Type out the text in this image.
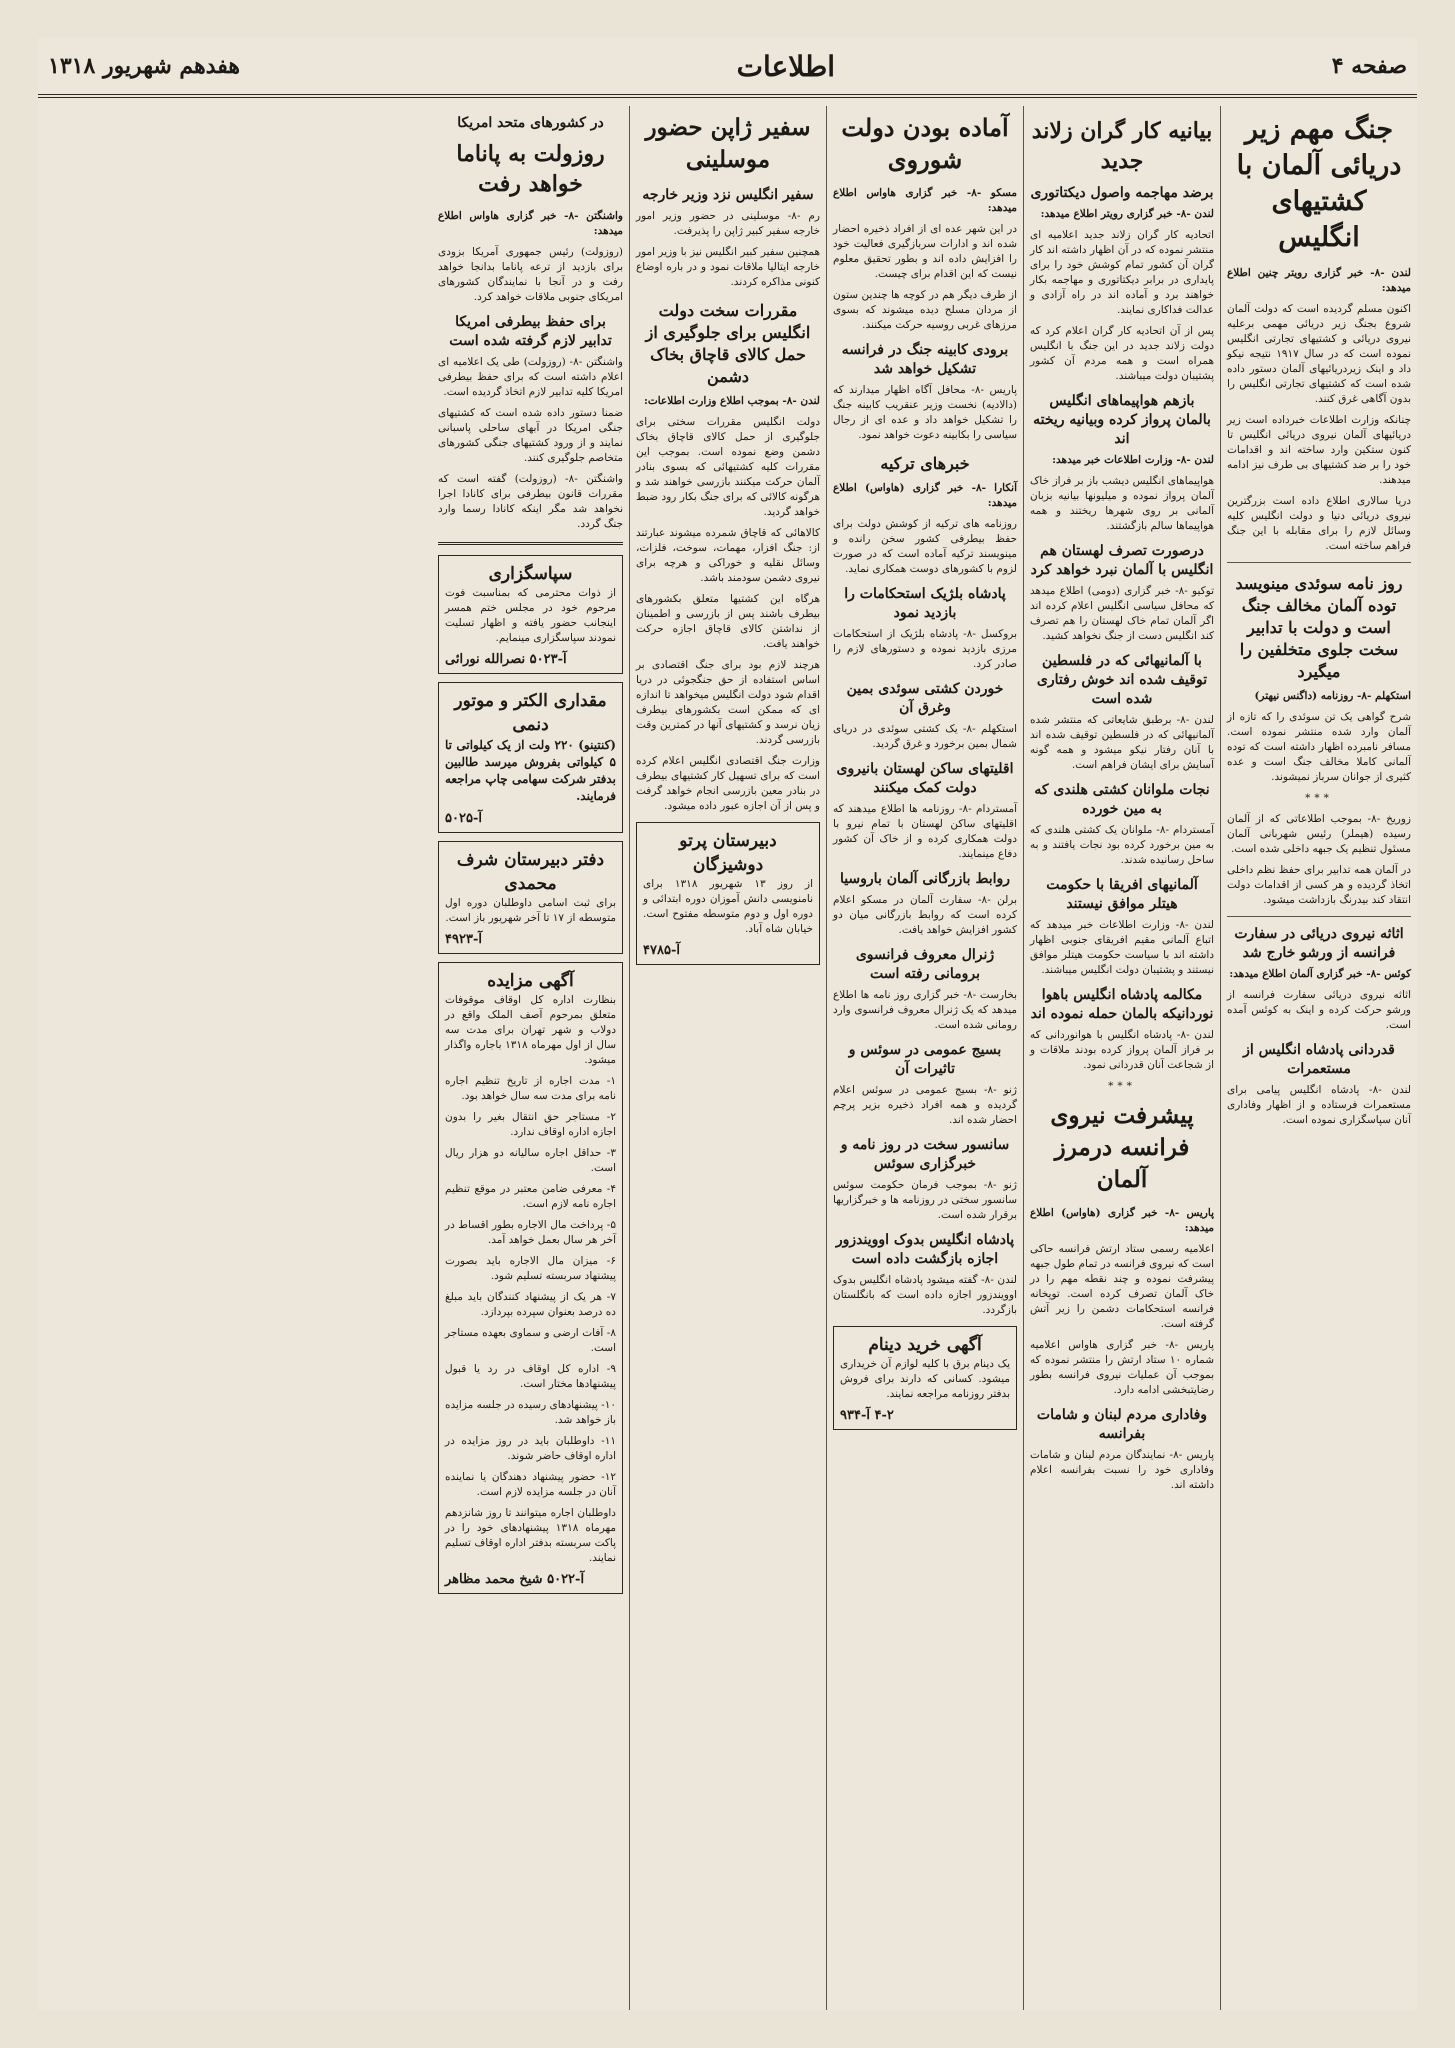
صفحه ۴
اطلاعات
هفدهم شهریور ۱۳۱۸
جنگ مهم زیر دریائی آلمان با کشتیهای انگلیس

لندن -۸- خبر گزاری رویتر چنین اطلاع میدهد:

اکنون مسلم گردیده است که دولت آلمان شروع بجنگ زیر دریائی مهمی برعلیه نیروی دریائی و کشتیهای تجارتی انگلیس نموده است که در سال ۱۹۱۷ نتیجه نیکو داد و اینک زیردریائیهای آلمان دستور داده شده است که کشتیهای تجارتی انگلیس را بدون آگاهی غرق کنند.

چنانکه وزارت اطلاعات خبرداده است زیر دریائیهای آلمان نیروی دریائی انگلیس تا کنون ستکین وارد ساخته اند و اقدامات خود را بر ضد کشتیهای بی طرف نیز ادامه میدهند.

دریا سالاری اطلاع داده است بزرگترین نیروی دریائی دنیا و دولت انگلیس کلیه وسائل لازم را برای مقابله با این جنگ فراهم ساخته است.

روز نامه سوئدی مینویسد توده آلمان مخالف جنگ است و دولت با تدابیر سخت جلوی متخلفین را میگیرد

استکهلم -۸- روزنامه (داگنس نیهتر)

شرح گواهی یک تن سوئدی را که تازه از آلمان وارد شده منتشر نموده است. مسافر نامبرده اظهار داشته است که توده آلمانی کاملا مخالف جنگ است و عده کثیری از جوانان سرباز نمیشوند.

***

زوریخ -۸- بموجب اطلاعاتی که از آلمان رسیده (هیملر) رئیس شهربانی آلمان مسئول تنظیم یک جبهه داخلی شده است.

در آلمان همه تدابیر برای حفظ نظم داخلی اتخاذ گردیده و هر کسی از اقدامات دولت انتقاد کند بیدرنگ بازداشت میشود.

اثاثه نیروی دریائی در سفارت فرانسه از ورشو خارج شد

کوئس -۸- خبر گزاری آلمان اطلاع میدهد:

اثاثه نیروی دریائی سفارت فرانسه از ورشو حرکت کرده و اینک به کوئس آمده است.

قدردانی پادشاه انگلیس از مستعمرات

لندن -۸- پادشاه انگلیس پیامی برای مستعمرات فرستاده و از اظهار وفاداری آنان سپاسگزاری نموده است.

بیانیه کار گران زلاند جدید
برضد مهاجمه واصول دیکتاتوری

لندن -۸- خبر گزاری رویتر اطلاع میدهد:

اتحادیه کار گران زلاند جدید اعلامیه ای منتشر نموده که در آن اظهار داشته اند کار گران آن کشور تمام کوشش خود را برای پایداری در برابر دیکتاتوری و مهاجمه بکار خواهند برد و آماده اند در راه آزادی و عدالت فداکاری نمایند.

پس از آن اتحادیه کار گران اعلام کرد که دولت زلاند جدید در این جنگ با انگلیس همراه است و همه مردم آن کشور پشتیبان دولت میباشند.

بازهم هواپیماهای انگلیس بالمان پرواز کرده وبیانیه ریخته اند

لندن -۸- وزارت اطلاعات خبر میدهد:

هواپیماهای انگلیس دیشب باز بر فراز خاک آلمان پرواز نموده و میلیونها بیانیه بزبان آلمانی بر روی شهرها ریختند و همه هواپیماها سالم بازگشتند.

درصورت تصرف لهستان هم انگلیس با آلمان نبرد خواهد کرد

توکیو -۸- خبر گزاری (دومی) اطلاع میدهد که محافل سیاسی انگلیس اعلام کرده اند اگر آلمان تمام خاک لهستان را هم تصرف کند انگلیس دست از جنگ نخواهد کشید.

با آلمانیهائی که در فلسطین توقیف شده اند خوش رفتاری شده است

لندن -۸- برطبق شایعاتی که منتشر شده آلمانیهائی که در فلسطین توقیف شده اند با آنان رفتار نیکو میشود و همه گونه آسایش برای ایشان فراهم است.

نجات ملوانان کشتی هلندی که به مین خورده

آمستردام -۸- ملوانان یک کشتی هلندی که به مین برخورد کرده بود نجات یافتند و به ساحل رسانیده شدند.

آلمانیهای افریقا با حکومت هیتلر موافق نیستند

لندن -۸- وزارت اطلاعات خبر میدهد که اتباع آلمانی مقیم افریقای جنوبی اظهار داشته اند با سیاست حکومت هیتلر موافق نیستند و پشتیبان دولت انگلیس میباشند.

مکالمه پادشاه انگلیس باهوا نوردانیکه بالمان حمله نموده اند

لندن -۸- پادشاه انگلیس با هوانوردانی که بر فراز آلمان پرواز کرده بودند ملاقات و از شجاعت آنان قدردانی نمود.

***
پیشرفت نیروی فرانسه درمرز آلمان

پاریس -۸- خبر گزاری (هاواس) اطلاع میدهد:

اعلامیه رسمی ستاد ارتش فرانسه حاکی است که نیروی فرانسه در تمام طول جبهه پیشرفت نموده و چند نقطه مهم را در خاک آلمان تصرف کرده است. توپخانه فرانسه استحکامات دشمن را زیر آتش گرفته است.

پاریس -۸- خبر گزاری هاواس اعلامیه شماره ۱۰ ستاد ارتش را منتشر نموده که بموجب آن عملیات نیروی فرانسه بطور رضایتبخشی ادامه دارد.

وفاداری مردم لبنان و شامات بفرانسه

پاریس -۸- نمایندگان مردم لبنان و شامات وفاداری خود را نسبت بفرانسه اعلام داشته اند.

آماده بودن دولت شوروی

مسکو -۸- خبر گزاری هاواس اطلاع میدهد:

در این شهر عده ای از افراد ذخیره احضار شده اند و ادارات سربازگیری فعالیت خود را افزایش داده اند و بطور تحقیق معلوم نیست که این اقدام برای چیست.

از طرف دیگر هم در کوچه ها چندین ستون از مردان مسلح دیده میشوند که بسوی مرزهای غربی روسیه حرکت میکنند.

برودی کابینه جنگ در فرانسه تشکیل خواهد شد

پاریس -۸- محافل آگاه اظهار میدارند که (دالادیه) نخست وزیر عنقریب کابینه جنگ را تشکیل خواهد داد و عده ای از رجال سیاسی را بکابینه دعوت خواهد نمود.

خبرهای ترکیه

آنکارا -۸- خبر گزاری (هاواس) اطلاع میدهد:

روزنامه های ترکیه از کوشش دولت برای حفظ بیطرفی کشور سخن رانده و مینویسند ترکیه آماده است که در صورت لزوم با کشورهای دوست همکاری نماید.

پادشاه بلژیک استحکامات را بازدید نمود

بروکسل -۸- پادشاه بلژیک از استحکامات مرزی بازدید نموده و دستورهای لازم را صادر کرد.

خوردن کشتی سوئدی بمین وغرق آن

استکهلم -۸- یک کشتی سوئدی در دریای شمال بمین برخورد و غرق گردید.

اقلیتهای ساکن لهستان بانیروی دولت کمک میکنند

آمستردام -۸- روزنامه ها اطلاع میدهند که اقلیتهای ساکن لهستان با تمام نیرو با دولت همکاری کرده و از خاک آن کشور دفاع مینمایند.

روابط بازرگانی آلمان باروسیا

برلن -۸- سفارت آلمان در مسکو اعلام کرده است که روابط بازرگانی میان دو کشور افزایش خواهد یافت.

ژنرال معروف فرانسوی برومانی رفته است

بخارست -۸- خبر گزاری روز نامه ها اطلاع میدهد که یک ژنرال معروف فرانسوی وارد رومانی شده است.

بسیج عمومی در سوئس و تاثیرات آن

ژنو -۸- بسیج عمومی در سوئس اعلام گردیده و همه افراد ذخیره بزیر پرچم احضار شده اند.

سانسور سخت در روز نامه و خبرگزاری سوئس

ژنو -۸- بموجب فرمان حکومت سوئس سانسور سختی در روزنامه ها و خبرگزاریها برقرار شده است.

پادشاه انگلیس بدوک اوویندزور اجازه بازگشت داده است

لندن -۸- گفته میشود پادشاه انگلیس بدوک اوویندزور اجازه داده است که بانگلستان بازگردد.

آگهی خرید دینام

یک دینام برق با کلیه لوازم آن خریداری میشود. کسانی که دارند برای فروش بدفتر روزنامه مراجعه نمایند.

۴-۲ آ-۹۳۴
سفیر ژاپن حضور موسلینی
سفیر انگلیس نزد وزیر خارجه

رم -۸- موسلینی در حضور وزیر امور خارجه سفیر کبیر ژاپن را پذیرفت.

همچنین سفیر کبیر انگلیس نیز با وزیر امور خارجه ایتالیا ملاقات نمود و در باره اوضاع کنونی مذاکره کردند.

مقررات سخت دولت انگلیس برای جلوگیری از حمل کالای قاچاق بخاک دشمن

لندن -۸- بموجب اطلاع وزارت اطلاعات:

دولت انگلیس مقررات سختی برای جلوگیری از حمل کالای قاچاق بخاک دشمن وضع نموده است. بموجب این مقررات کلیه کشتیهائی که بسوی بنادر آلمان حرکت میکنند بازرسی خواهند شد و هرگونه کالائی که برای جنگ بکار رود ضبط خواهد گردید.

کالاهائی که قاچاق شمرده میشوند عبارتند از: جنگ افزار، مهمات، سوخت، فلزات، وسائل نقلیه و خوراکی و هرچه برای نیروی دشمن سودمند باشد.

هرگاه این کشتیها متعلق بکشورهای بیطرف باشند پس از بازرسی و اطمینان از نداشتن کالای قاچاق اجازه حرکت خواهند یافت.

هرچند لازم بود برای جنگ اقتصادی بر اساس استفاده از حق جنگجوئی در دریا اقدام شود دولت انگلیس میخواهد تا اندازه ای که ممکن است بکشورهای بیطرف زیان نرسد و کشتیهای آنها در کمترین وقت بازرسی گردند.

وزارت جنگ اقتصادی انگلیس اعلام کرده است که برای تسهیل کار کشتیهای بیطرف در بنادر معین بازرسی انجام خواهد گرفت و پس از آن اجازه عبور داده میشود.

دبیرستان پرتو دوشیزگان

از روز ۱۳ شهریور ۱۳۱۸ برای نامنویسی دانش آموزان دوره ابتدائی و دوره اول و دوم متوسطه مفتوح است. خیابان شاه آباد.

آ-۴۷۸۵
در کشورهای متحد امریکا
روزولت به پاناما خواهد رفت

واشنگتن -۸- خبر گزاری هاواس اطلاع میدهد:

(روزولت) رئیس جمهوری آمریکا بزودی برای بازدید از ترعه پاناما بدانجا خواهد رفت و در آنجا با نمایندگان کشورهای امریکای جنوبی ملاقات خواهد کرد.

برای حفظ بیطرفی امریکا تدابیر لازم گرفته شده است

واشنگتن -۸- (روزولت) طی یک اعلامیه ای اعلام داشته است که برای حفظ بیطرفی امریکا کلیه تدابیر لازم اتخاذ گردیده است.

ضمنا دستور داده شده است که کشتیهای جنگی امریکا در آبهای ساحلی پاسبانی نمایند و از ورود کشتیهای جنگی کشورهای متخاصم جلوگیری کنند.

واشنگتن -۸- (روزولت) گفته است که مقررات قانون بیطرفی برای کانادا اجرا نخواهد شد مگر اینکه کانادا رسما وارد جنگ گردد.

سپاسگزاری

از ذوات محترمی که بمناسبت فوت مرحوم خود در مجلس ختم همسر اینجانب حضور یافته و اظهار تسلیت نمودند سپاسگزاری مینمایم.

آ-۵۰۲۳ نصرالله نورائی
مقداری الکتر و موتور دنمی

(کنتینو) ۲۲۰ ولت از یک کیلواتی تا ۵ کیلواتی بفروش میرسد طالبین بدفتر شرکت سهامی چاپ مراجعه فرمایند.

آ-۵۰۲۵
دفتر دبیرستان شرف محمدی

برای ثبت اسامی داوطلبان دوره اول متوسطه از ۱۷ تا آخر شهریور باز است.

آ-۴۹۲۳
آگهی مزایده

بنظارت اداره کل اوقاف موقوفات متعلق بمرحوم آصف الملک واقع در دولاب و شهر تهران برای مدت سه سال از اول مهرماه ۱۳۱۸ باجاره واگذار میشود.

۱- مدت اجاره از تاریخ تنظیم اجاره نامه برای مدت سه سال خواهد بود.

۲- مستاجر حق انتقال بغیر را بدون اجازه اداره اوقاف ندارد.

۳- حداقل اجاره سالیانه دو هزار ریال است.

۴- معرفی ضامن معتبر در موقع تنظیم اجاره نامه لازم است.

۵- پرداخت مال الاجاره بطور اقساط در آخر هر سال بعمل خواهد آمد.

۶- میزان مال الاجاره باید بصورت پیشنهاد سربسته تسلیم شود.

۷- هر یک از پیشنهاد کنندگان باید مبلغ ده درصد بعنوان سپرده بپردازد.

۸- آفات ارضی و سماوی بعهده مستاجر است.

۹- اداره کل اوقاف در رد یا قبول پیشنهادها مختار است.

۱۰- پیشنهادهای رسیده در جلسه مزایده باز خواهد شد.

۱۱- داوطلبان باید در روز مزایده در اداره اوقاف حاضر شوند.

۱۲- حضور پیشنهاد دهندگان یا نماینده آنان در جلسه مزایده لازم است.

داوطلبان اجاره میتوانند تا روز شانزدهم مهرماه ۱۳۱۸ پیشنهادهای خود را در پاکت سربسته بدفتر اداره اوقاف تسلیم نمایند.

آ-۵۰۲۲ شیخ محمد مظاهر
